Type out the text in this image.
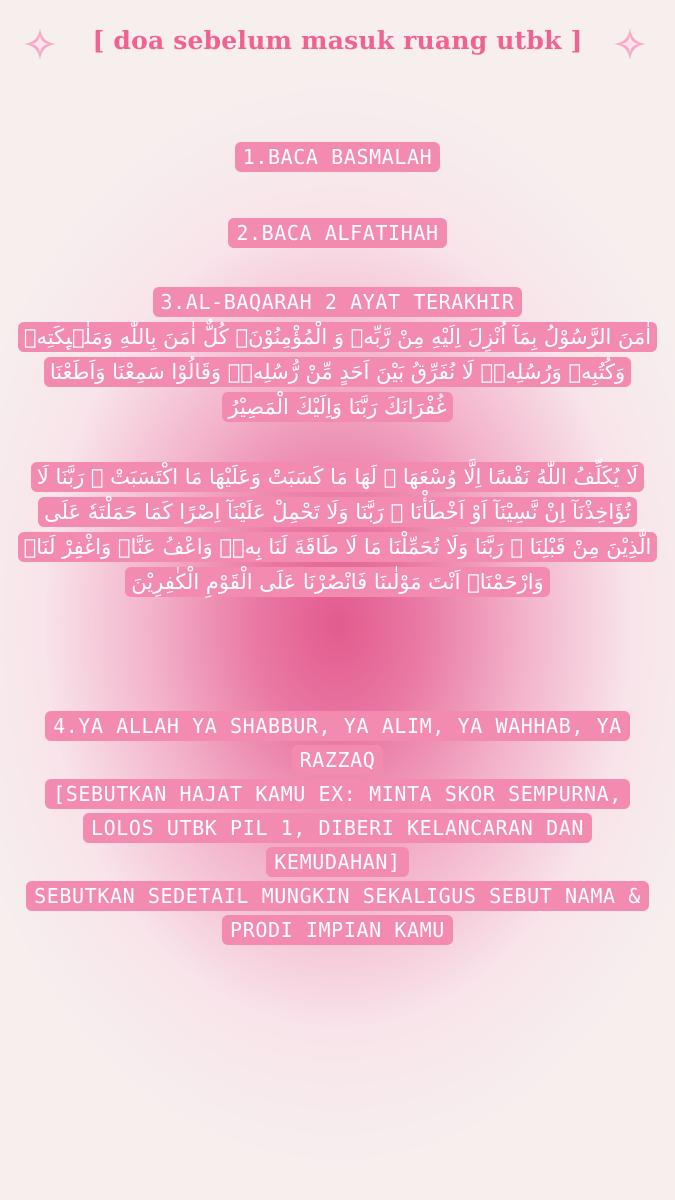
[ doa sebelum masuk ruang utbk ]
1.BACA BASMALAH
2.BACA ALFATIHAH
3.AL-BAQARAH 2 AYAT TERAKHIR
اٰمَنَ الرَّسُوْلُ بِمَآ اُنْزِلَ اِلَيْهِ مِنْ رَّبِّهٖ وَ الْمُؤْمِنُوْنَۗ كُلٌّ اٰمَنَ بِاللّٰهِ وَمَلٰۤىِٕكَتِهٖ وَكُتُبِهٖ وَرُسُلِهٖۗ لَا نُفَرِّقُ بَيْنَ اَحَدٍ مِّنْ رُّسُلِهٖۗ وَقَالُوْا سَمِعْنَا وَاَطَعْنَا غُفْرَانَكَ رَبَّنَا وَاِلَيْكَ الْمَصِيْرُ
لَا يُكَلِّفُ اللّٰهُ نَفْسًا اِلَّا وُسْعَهَا ۗ لَهَا مَا كَسَبَتْ وَعَلَيْهَا مَا اكْتَسَبَتْ ۗ رَبَّنَا لَا تُؤَاخِذْنَآ اِنْ نَّسِيْنَآ اَوْ اَخْطَأْنَا ۚ رَبَّنَا وَلَا تَحْمِلْ عَلَيْنَآ اِصْرًا كَمَا حَمَلْتَهٗ عَلَى الَّذِيْنَ مِنْ قَبْلِنَا ۚ رَبَّنَا وَلَا تُحَمِّلْنَا مَا لَا طَاقَةَ لَنَا بِهٖۚ وَاعْفُ عَنَّاۗ وَاغْفِرْ لَنَاۗ وَارْحَمْنَاۗ اَنْتَ مَوْلٰىنَا فَانْصُرْنَا عَلَى الْقَوْمِ الْكٰفِرِيْنَ
4.YA ALLAH YA SHABBUR, YA ALIM, YA WAHHAB, YA RAZZAQ
[SEBUTKAN HAJAT KAMU EX: MINTA SKOR SEMPURNA, LOLOS UTBK PIL 1, DIBERI KELANCARAN DAN KEMUDAHAN]
SEBUTKAN SEDETAIL MUNGKIN SEKALIGUS SEBUT NAMA & PRODI IMPIAN KAMU
